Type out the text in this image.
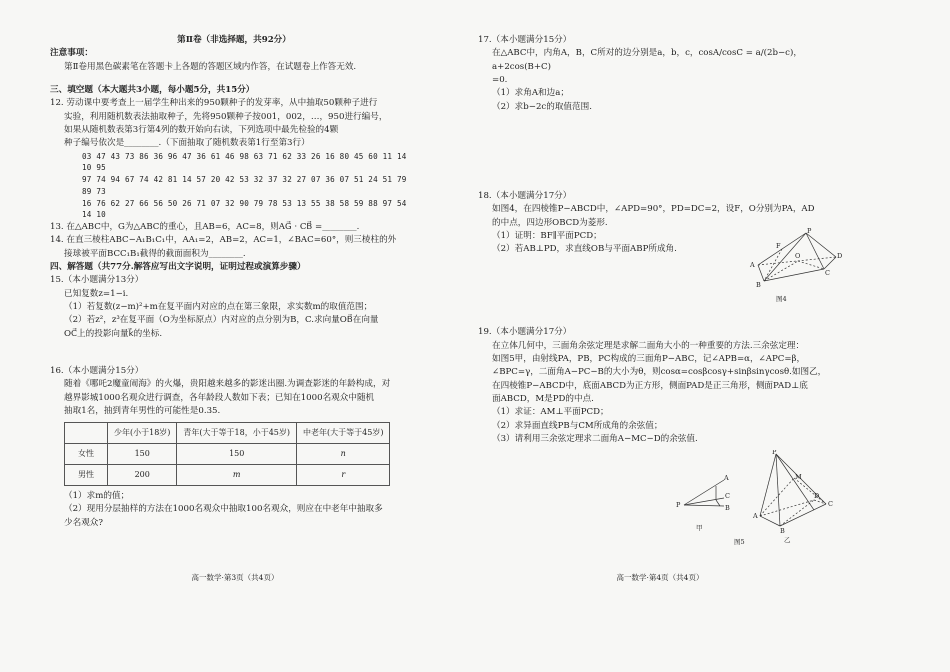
第Ⅱ卷（非选择题，共92分）

注意事项：

第Ⅱ卷用黑色碳素笔在答题卡上各题的答题区域内作答，在试题卷上作答无效.

三、填空题（本大题共3小题，每小题5分，共15分）

12. 劳动课中要考查上一届学生种出来的950颗种子的发芽率，从中抽取50颗种子进行

实验，利用随机数表法抽取种子，先将950颗种子按001，002，…，950进行编号，

如果从随机数表第3行第4列的数开始向右读，下列选项中最先检验的4颗

种子编号依次是________.（下面抽取了随机数表第1行至第3行）

03 47 43 73 86 36 96 47 36 61 46 98 63 71 62 33 26 16 80 45 60 11 14 10 95

97 74 94 67 74 42 81 14 57 20 42 53 32 37 32 27 07 36 07 51 24 51 79 89 73

16 76 62 27 66 56 50 26 71 07 32 90 79 78 53 13 55 38 58 59 88 97 54 14 10

13. 在△ABC中，G为△ABC的重心，且AB=6，AC=8，则AG⃗ · CB⃗ =________.

14. 在直三棱柱ABC−A₁B₁C₁中，AA₁=2，AB=2，AC=1，∠BAC=60°，则三棱柱的外

接球被平面BCC₁B₁截得的截面面积为________.

四、解答题（共77分.解答应写出文字说明，证明过程或演算步骤）

15.（本小题满分13分）

已知复数z=1−i.

（1）若复数(z−m)²+m在复平面内对应的点在第三象限，求实数m的取值范围；

（2）若z²，z³在复平面（O为坐标原点）内对应的点分别为B，C.求向量OB⃗在向量

OC⃗上的投影向量k⃗的坐标.

16.（本小题满分15分）

随着《哪吒2魔童闹海》的火爆，贵阳越来越多的影迷出圈.为调查影迷的年龄构成，对

越界影城1000名观众进行调查，各年龄段人数如下表；已知在1000名观众中随机

抽取1名，抽到青年男性的可能性是0.35.

	少年(小于18岁)	青年(大于等于18，小于45岁)	中老年(大于等于45岁)
女性	150	150	n
男性	200	m	r

（1）求m的值；

（2）现用分层抽样的方法在1000名观众中抽取100名观众，则应在中老年中抽取多

少名观众?

17.（本小题满分15分）

在△ABC中，内角A，B，C所对的边分别是a，b，c，cosA/cosC = a/(2b−c)，a+2cos(B+C)

=0.

（1）求角A和边a；

（2）求b−2c的取值范围.

18.（本小题满分17分）

如图4，在四棱锥P−ABCD中，∠APD=90°，PD=DC=2，设F，O分别为PA，AD

的中点，四边形OBCD为菱形.

（1）证明：BF∥平面PCD；

（2）若AB⊥PD，求直线OB与平面ABP所成角.

19.（本小题满分17分）

在立体几何中，三面角余弦定理是求解二面角大小的一种重要的方法.三余弦定理：

如图5甲，由射线PA，PB，PC构成的三面角P−ABC，记∠APB=α，∠APC=β，

∠BPC=γ，二面角A−PC−B的大小为θ，则cosα=cosβcosγ+sinβsinγcosθ.如图乙，

在四棱锥P−ABCD中，底面ABCD为正方形，侧面PAD是正三角形，侧面PAD⊥底

面ABCD，M是PD的中点.

（1）求证：AM⊥平面PCD；

（2）求异面直线PB与CM所成角的余弦值；

（3）请利用三余弦定理求二面角A−MC−D的余弦值.

P
F
A
O	D
B
C
图4
A
B
C
P
P
M
D
C
A
B
甲
乙
图5
高一数学·第3页（共4页）	高一数学·第4页（共4页）
